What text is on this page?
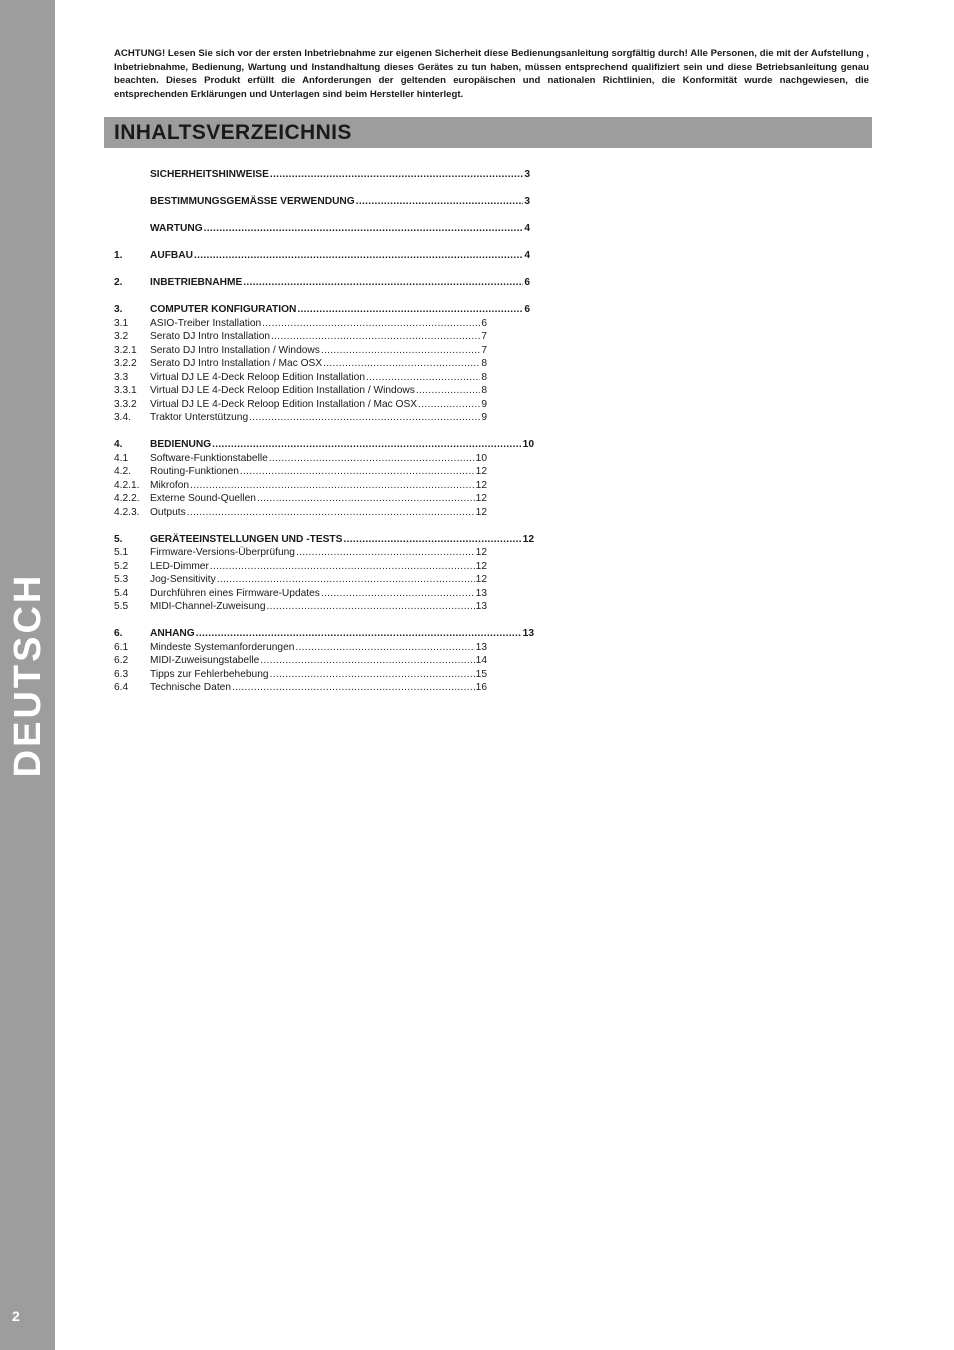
DEUTSCH
2

ACHTUNG! Lesen Sie sich vor der ersten Inbetriebnahme zur eigenen Sicherheit diese Bedienungsanleitung sorgfältig durch! Alle Personen, die mit der Aufstellung , Inbetriebnahme, Bedienung, Wartung und Instandhaltung dieses Gerätes zu tun haben, müssen entsprechend qualifiziert sein und diese Betriebsanleitung genau beachten. Dieses Produkt erfüllt die Anforderungen der geltenden europäischen und nationalen Richtlinien, die Konformität wurde nachgewiesen, die entsprechenden Erklärungen und Unterlagen sind beim Hersteller hinterlegt.

INHALTSVERZEICHNIS
SICHERHEITSHINWEISE .....	3
BESTIMMUNGSGEMÄSSE VERWENDUNG .....	3
WARTUNG .....	4
1.	AUFBAU .....	4
2.	INBETRIEBNAHME .....	6
3.	COMPUTER KONFIGURATION .....	6
3.1	ASIO-Treiber Installation .....	6
3.2	Serato DJ Intro Installation .....	7
3.2.1	Serato DJ Intro Installation / Windows .....	7
3.2.2	Serato DJ Intro Installation / Mac OSX .....	8
3.3	Virtual DJ LE 4-Deck Reloop Edition Installation .....	8
3.3.1	Virtual DJ LE 4-Deck Reloop Edition Installation / Windows .....	8
3.3.2	Virtual DJ LE 4-Deck Reloop Edition Installation / Mac OSX .....	9
3.4.	Traktor Unterstützung .....	9
4.	BEDIENUNG .....	10
4.1	Software-Funktionstabelle .....	10
4.2.	Routing-Funktionen .....	12
4.2.1.	Mikrofon .....	12
4.2.2.	Externe Sound-Quellen .....	12
4.2.3.	Outputs .....	12
5.	GERÄTEEINSTELLUNGEN UND -TESTS .....	12
5.1	Firmware-Versions-Überprüfung .....	12
5.2	LED-Dimmer .....	12
5.3	Jog-Sensitivity .....	12
5.4	Durchführen eines Firmware-Updates .....	13
5.5	MIDI-Channel-Zuweisung .....	13
6.	ANHANG .....	13
6.1	Mindeste Systemanforderungen .....	13
6.2	MIDI-Zuweisungstabelle .....	14
6.3	Tipps zur Fehlerbehebung .....	15
6.4	Technische Daten .....	16
